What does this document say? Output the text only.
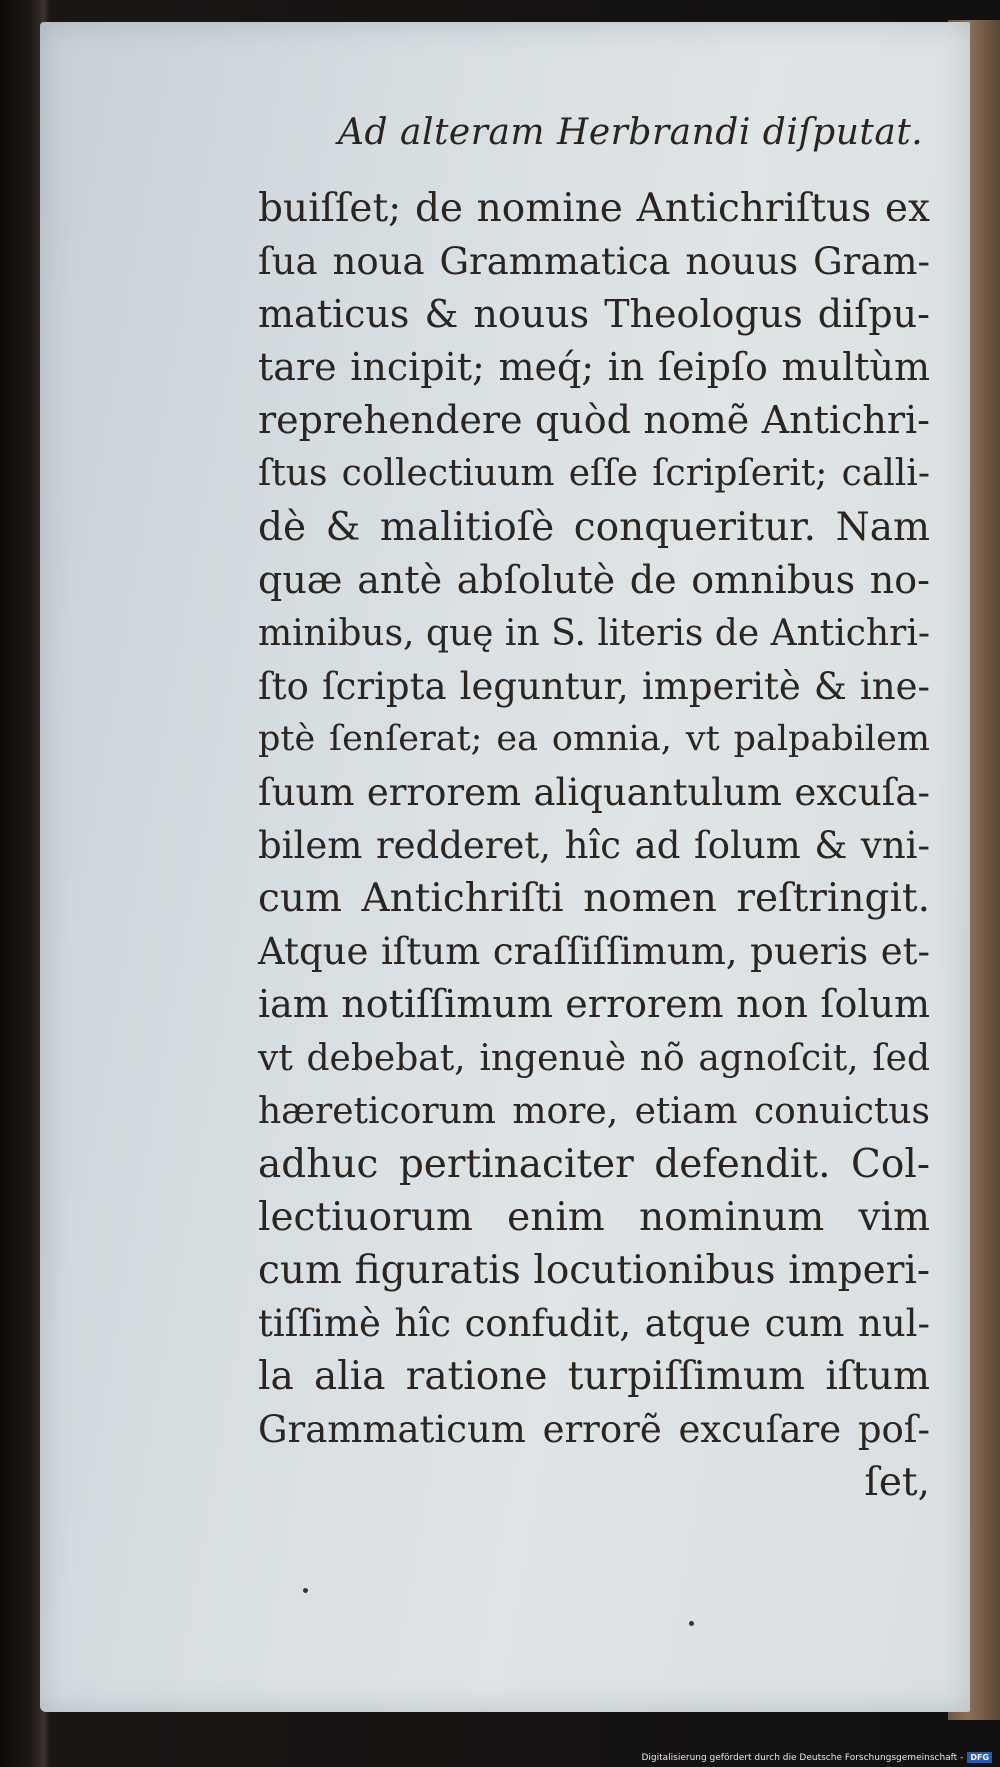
Ad alteram Herbrandi diſputat.
buiſſet; de nomine Antichriſtus ex
ſua noua Grammatica nouus Gram-
maticus & nouus Theologus diſpu-
tare incipit; meq́; in ſeipſo multùm
reprehendere quòd nomẽ Antichri-
ſtus collectiuum eſſe ſcripſerit; calli-
dè & malitioſè conqueritur. Nam
quæ antè abſolutè de omnibus no-
minibus, quę in S. literis de Antichri-
ſto ſcripta leguntur, imperitè & ine-
ptè ſenſerat; ea omnia, vt palpabilem
ſuum errorem aliquantulum excuſa-
bilem redderet, hîc ad ſolum & vni-
cum Antichriſti nomen reſtringit.
Atque iſtum craſſiſſimum, pueris et-
iam notiſſimum errorem non ſolum
vt debebat, ingenuè nõ agnoſcit, ſed
hæreticorum more, etiam conuictus
adhuc pertinaciter defendit. Col-
lectiuorum enim nominum vim
cum figuratis locutionibus imperi-
tiſſimè hîc confudit, atque cum nul-
la alia ratione turpiſſimum iſtum
Grammaticum errorẽ excuſare poſ-
ſet,
Digitalisierung gefördert durch die Deutsche Forschungsgemeinschaft - DFG
